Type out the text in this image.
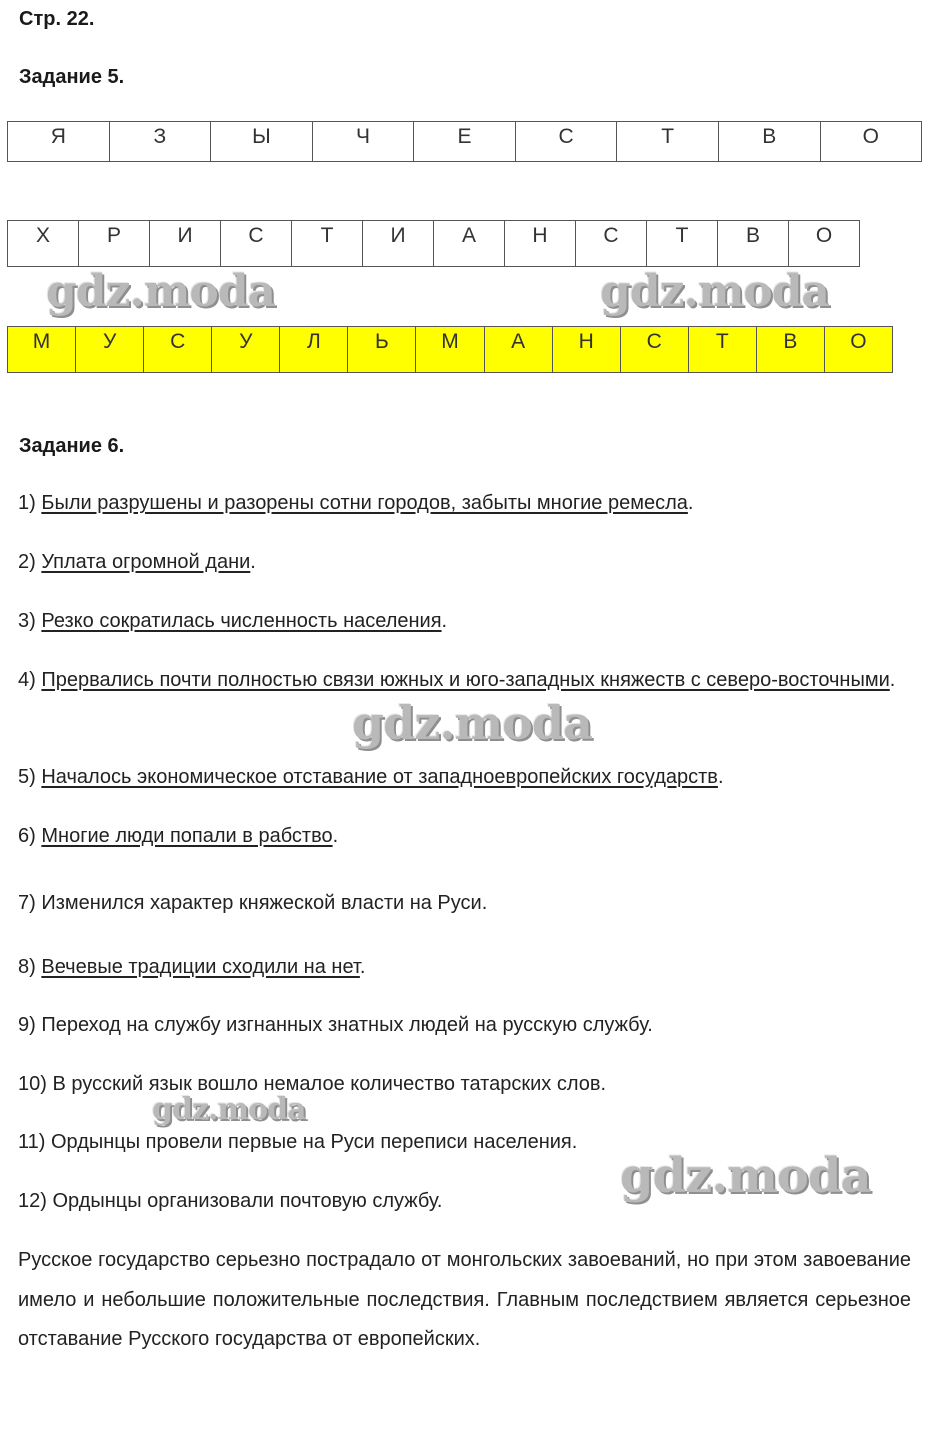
Стр. 22.
Задание 5.
Я	З	Ы	Ч	Е	С	Т	В	О
Х	Р	И	С	Т	И	А	Н	С	Т	В	О
М	У	С	У	Л	Ь	М	А	Н	С	Т	В	О
gdz.moda	gdz.moda
gdz.moda
gdz.moda
gdz.moda
Задание 6.
1) Были разрушены и разорены сотни городов, забыты многие ремесла.
2) Уплата огромной дани.
3) Резко сократилась численность населения.
4) Прервались почти полностью связи южных и юго-западных княжеств с северо-восточными.
5) Началось экономическое отставание от западноевропейских государств.
6) Многие люди попали в рабство.
7) Изменился характер княжеской власти на Руси.
8) Вечевые традиции сходили на нет.
9) Переход на службу изгнанных знатных людей на русскую службу.
10) В русский язык вошло немалое количество татарских слов.
11) Ордынцы провели первые на Руси переписи населения.
12) Ордынцы организовали почтовую службу.
Русское государство серьезно пострадало от монгольских завоеваний, но при этом завоевание имело и небольшие положительные последствия. Главным последствием является серьезное отставание Русского государства от европейских.
